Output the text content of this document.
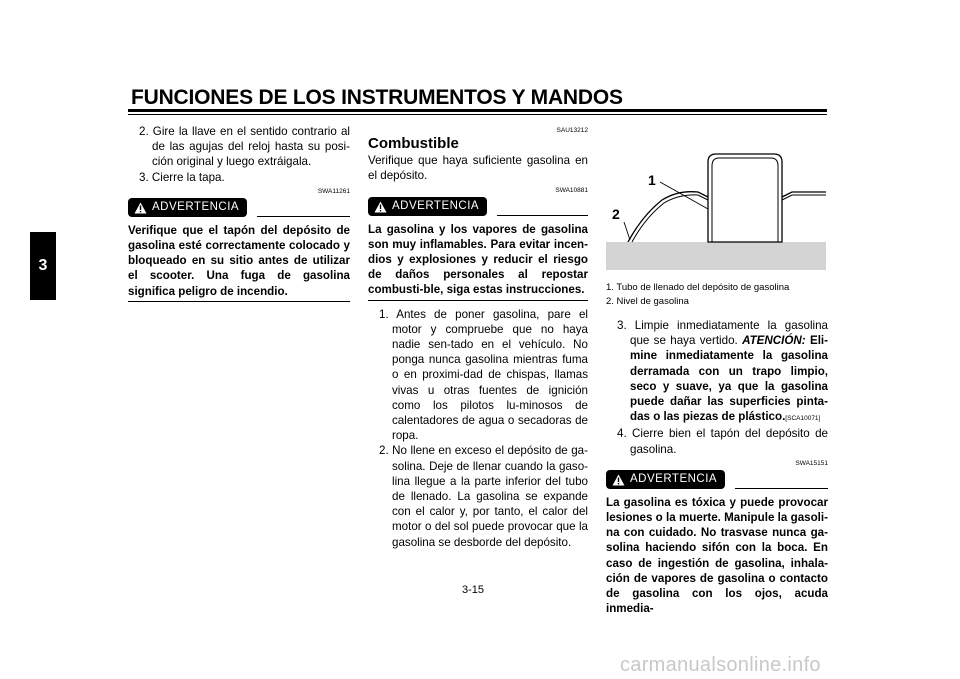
FUNCIONES DE LOS INSTRUMENTOS Y MANDOS
3

2. Gire la llave en el sentido contrario al de las agujas del reloj hasta su posi-ción original y luego extráigala.

3. Cierre la tapa.

SWA11261
ADVERTENCIA
Verifique que el tapón del depósito de gasolina esté correctamente colocado y bloqueado en su sitio antes de utilizar el scooter. Una fuga de gasolina significa peligro de incendio.
SAU13212
Combustible

Verifique que haya suficiente gasolina en el depósito.

SWA10881
ADVERTENCIA
La gasolina y los vapores de gasolina son muy inflamables. Para evitar incen-dios y explosiones y reducir el riesgo de daños personales al repostar combusti-ble, siga estas instrucciones.

1. Antes de poner gasolina, pare el motor y compruebe que no haya nadie sen-tado en el vehículo. No ponga nunca gasolina mientras fuma o en proximi-dad de chispas, llamas vivas u otras fuentes de ignición como los pilotos lu-minosos de calentadores de agua o secadoras de ropa.

2. No llene en exceso el depósito de ga-solina. Deje de llenar cuando la gaso-lina llegue a la parte inferior del tubo de llenado. La gasolina se expande con el calor y, por tanto, el calor del motor o del sol puede provocar que la gasolina se desborde del depósito.

1
2
1. Tubo de llenado del depósito de gasolina
2. Nivel de gasolina

3. Limpie inmediatamente la gasolina que se haya vertido. ATENCIÓN: Eli-mine inmediatamente la gasolina derramada con un trapo limpio, seco y suave, ya que la gasolina puede dañar las superficies pinta-das o las piezas de plástico.[SCA10071]

4. Cierre bien el tapón del depósito de gasolina.

SWA15151
ADVERTENCIA
La gasolina es tóxica y puede provocar lesiones o la muerte. Manipule la gasoli-na con cuidado. No trasvase nunca ga-solina haciendo sifón con la boca. En caso de ingestión de gasolina, inhala-ción de vapores de gasolina o contacto de gasolina con los ojos, acuda inmedia-
3-15
carmanualsonline.info
